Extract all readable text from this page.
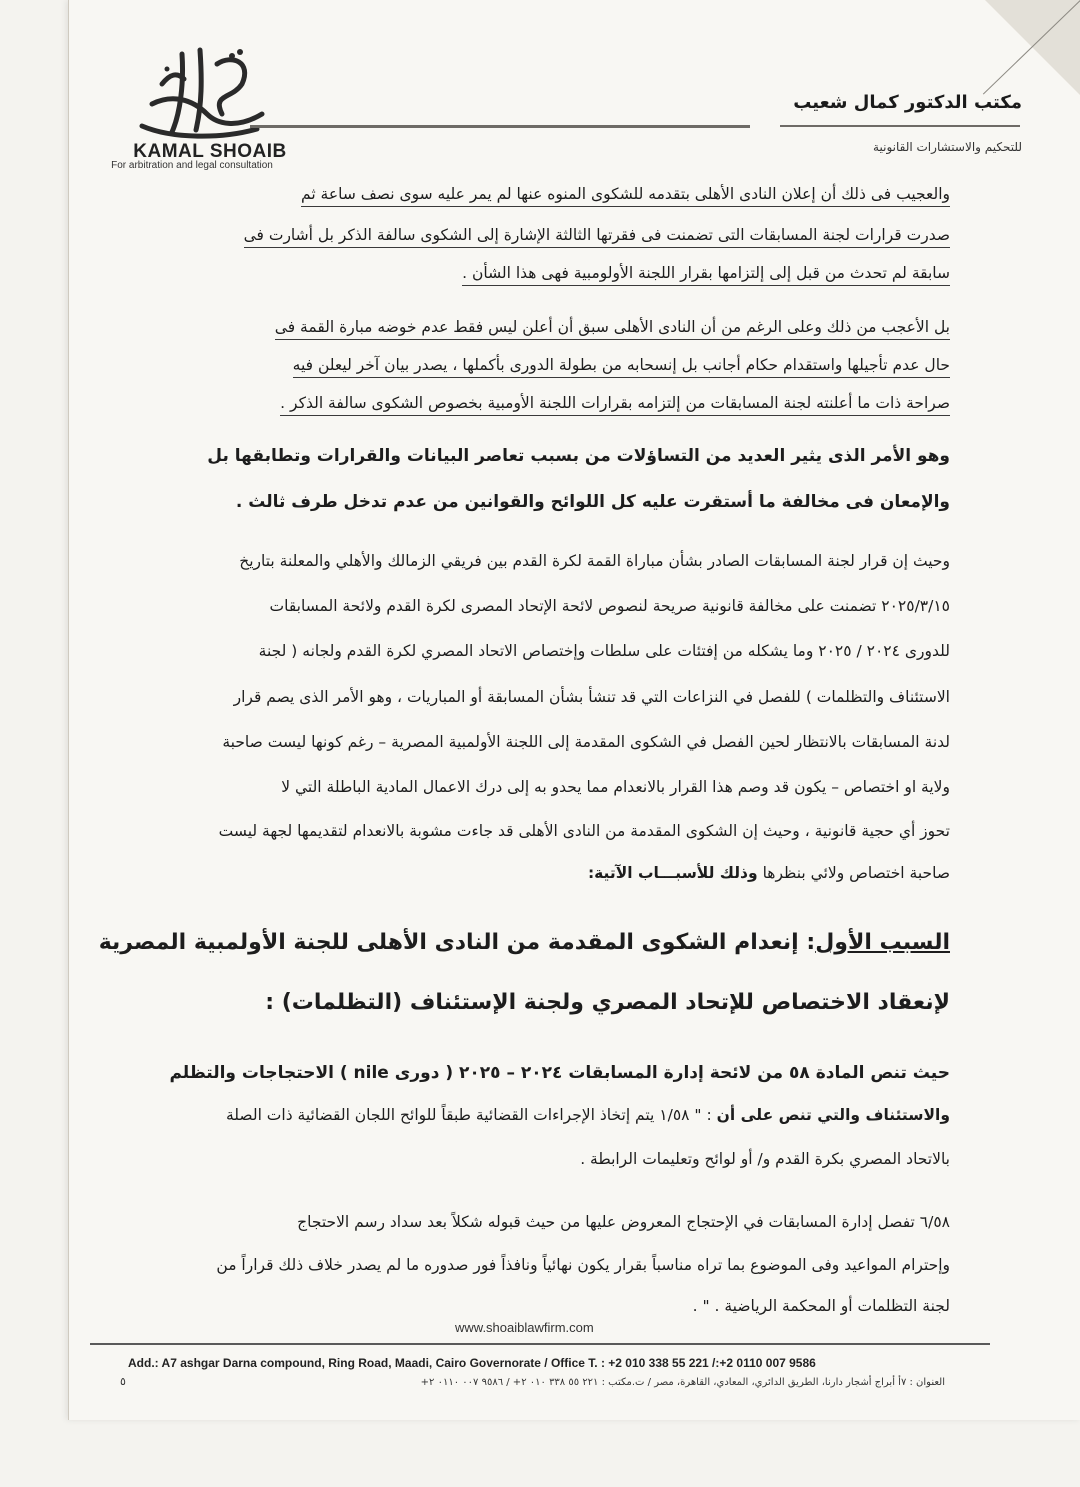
KAMAL SHOAIB
For arbitration and legal consultation
مكتب الدكتور كمال شعيب
للتحكيم والاستشارات القانونية
والعجيب فى ذلك أن إعلان النادى الأهلى بتقدمه للشكوى المنوه عنها لم يمر عليه سوى نصف ساعة ثم
صدرت قرارات لجنة المسابقات التى تضمنت فى فقرتها الثالثة الإشارة إلى الشكوى سالفة الذكر بل أشارت فى
سابقة لم تحدث من قبل إلى إلتزامها بقرار اللجنة الأولومبية فهى هذا الشأن .
بل الأعجب من ذلك وعلى الرغم من أن النادى الأهلى سبق أن أعلن ليس فقط عدم خوضه مبارة القمة فى
حال عدم تأجيلها واستقدام حكام أجانب بل إنسحابه من بطولة الدورى بأكملها ، يصدر بيان آخر ليعلن فيه
صراحة ذات ما أعلنته لجنة المسابقات من إلتزامه بقرارات اللجنة الأومبية بخصوص الشكوى سالفة الذكر .
وهو الأمر الذى يثير العديد من التساؤلات من بسبب تعاصر البيانات والقرارات وتطابقها بل
والإمعان فى مخالفة ما أستقرت عليه كل اللوائح والقوانين من عدم تدخل طرف ثالث .
وحيث إن قرار لجنة المسابقات الصادر بشأن مباراة القمة لكرة القدم بين فريقي الزمالك والأهلي والمعلنة بتاريخ
٢٠٢٥/٣/١٥ تضمنت على مخالفة قانونية صريحة لنصوص لائحة الإتحاد المصرى لكرة القدم ولائحة المسابقات
للدورى ٢٠٢٤ / ٢٠٢٥ وما يشكله من إفتئات على سلطات وإختصاص الاتحاد المصري لكرة القدم ولجانه ( لجنة
الاستئناف والتظلمات ) للفصل في النزاعات التي قد تنشأ بشأن المسابقة أو المباريات ، وهو الأمر الذى يصم قرار
لدنة المسابقات بالانتظار لحين الفصل في الشكوى المقدمة إلى اللجنة الأولمبية المصرية – رغم كونها ليست صاحبة
ولاية او اختصاص – يكون قد وصم هذا القرار بالانعدام مما يحدو به إلى درك الاعمال المادية الباطلة التي لا
تحوز أي حجية قانونية ، وحيث إن الشكوى المقدمة من النادى الأهلى قد جاءت مشوبة بالانعدام لتقديمها لجهة ليست
صاحبة اختصاص ولائي بنظرها وذلك للأسبـــاب الآتية:
السبب الأول: إنعدام الشكوى المقدمة من النادى الأهلى للجنة الأولمبية المصرية
لإنعقاد الاختصاص للإتحاد المصري ولجنة الإستئناف (التظلمات) :
حيث تنص المادة ٥٨ من لائحة إدارة المسابقات ٢٠٢٤ – ٢٠٢٥ ( دورى nile ) الاحتجاجات والتظلم
والاستئناف والتي تنص على أن : " ١/٥٨ يتم إتخاذ الإجراءات القضائية طبقاً للوائح اللجان القضائية ذات الصلة
بالاتحاد المصري بكرة القدم و/ أو لوائح وتعليمات الرابطة .
٦/٥٨ تفصل إدارة المسابقات في الإحتجاج المعروض عليها من حيث قبوله شكلاً بعد سداد رسم الاحتجاج
وإحترام المواعيد وفى الموضوع بما تراه مناسباً بقرار يكون نهائياً ونافذاً فور صدوره ما لم يصدر خلاف ذلك قراراً من
لجنة التظلمات أو المحكمة الرياضية . " .
www.shoaiblawfirm.com
Add.: A7 ashgar Darna compound, Ring Road, Maadi, Cairo Governorate / Office T. : +2 010 338 55 221 /:+2 0110 007 9586
٥	العنوان : ٧أ أبراج أشجار دارنا، الطريق الدائري، المعادي، القاهرة، مصر / ت.مكتب : ٢٢١ ٥٥ ٣٣٨ ٠١٠ ٢+ / ٩٥٨٦ ٠٠٧ ٠١١٠ ٢+
